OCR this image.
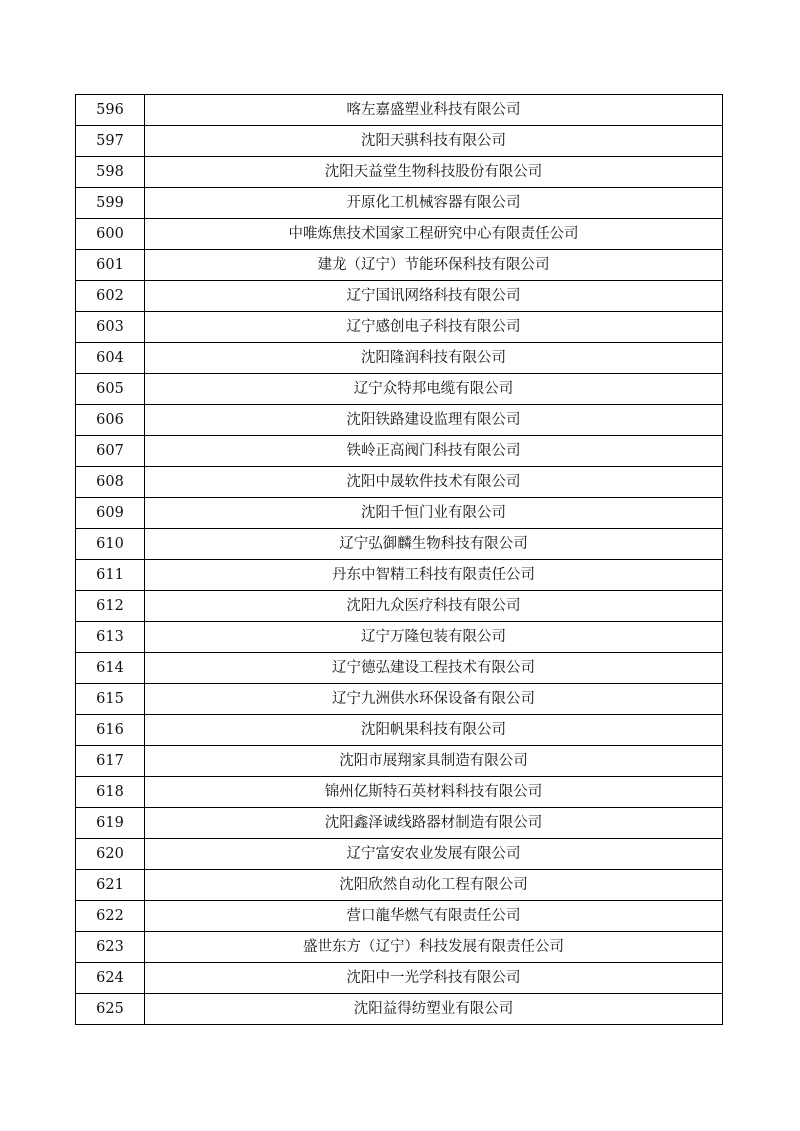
596	喀左嘉盛塑业科技有限公司
597	沈阳天骐科技有限公司
598	沈阳天益堂生物科技股份有限公司
599	开原化工机械容器有限公司
600	中唯炼焦技术国家工程研究中心有限责任公司
601	建龙（辽宁）节能环保科技有限公司
602	辽宁国讯网络科技有限公司
603	辽宁感创电子科技有限公司
604	沈阳隆润科技有限公司
605	辽宁众特邦电缆有限公司
606	沈阳铁路建设监理有限公司
607	铁岭正高阀门科技有限公司
608	沈阳中晟软件技术有限公司
609	沈阳千恒门业有限公司
610	辽宁弘御麟生物科技有限公司
611	丹东中智精工科技有限责任公司
612	沈阳九众医疗科技有限公司
613	辽宁万隆包装有限公司
614	辽宁德弘建设工程技术有限公司
615	辽宁九洲供水环保设备有限公司
616	沈阳帆果科技有限公司
617	沈阳市展翔家具制造有限公司
618	锦州亿斯特石英材料科技有限公司
619	沈阳鑫泽诚线路器材制造有限公司
620	辽宁富安农业发展有限公司
621	沈阳欣然自动化工程有限公司
622	营口龍华燃气有限责任公司
623	盛世东方（辽宁）科技发展有限责任公司
624	沈阳中一光学科技有限公司
625	沈阳益得纺塑业有限公司
